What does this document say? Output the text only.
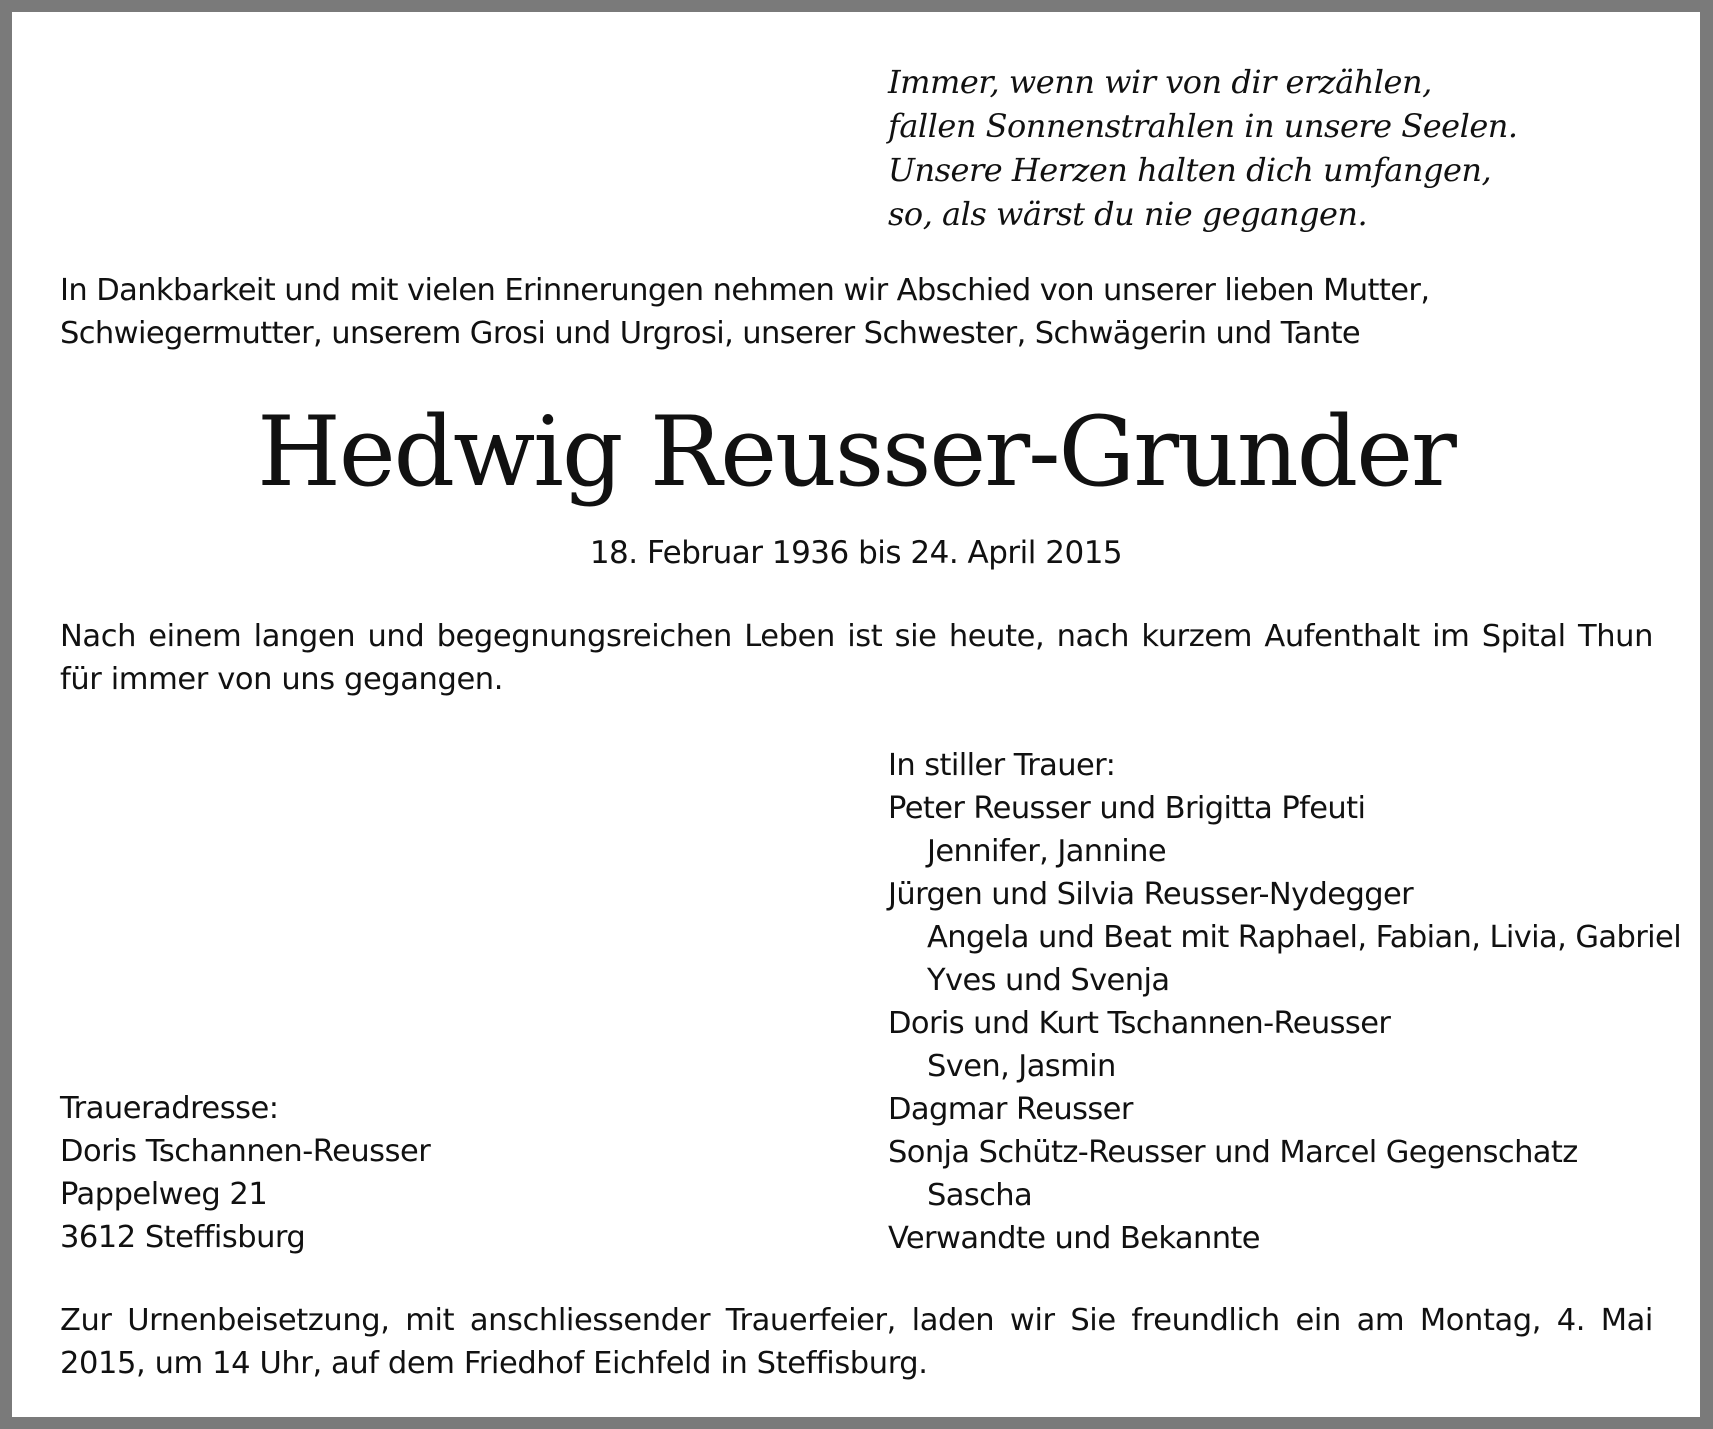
Immer, wenn wir von dir erzählen,
fallen Sonnenstrahlen in unsere Seelen.
Unsere Herzen halten dich umfangen,
so, als wärst du nie gegangen.
In Dankbarkeit und mit vielen Erinnerungen nehmen wir Abschied von unserer lieben Mutter, Schwiegermutter, unserem Grosi und Urgrosi, unserer Schwester, Schwägerin und Tante
Hedwig Reusser-Grunder
18. Februar 1936 bis 24. April 2015
Nach einem langen und begegnungsreichen Leben ist sie heute, nach kurzem Aufenthalt im Spital Thun für immer von uns gegangen.
In stiller Trauer:
Peter Reusser und Brigitta Pfeuti
Jennifer, Jannine
Jürgen und Silvia Reusser-Nydegger
Angela und Beat mit Raphael, Fabian, Livia, Gabriel
Yves und Svenja
Doris und Kurt Tschannen-Reusser
Sven, Jasmin
Dagmar Reusser
Sonja Schütz-Reusser und Marcel Gegenschatz
Sascha
Verwandte und Bekannte
Traueradresse:
Doris Tschannen-Reusser
Pappelweg 21
3612 Steffisburg
Zur Urnenbeisetzung, mit anschliessender Trauerfeier, laden wir Sie freundlich ein am Montag, 4. Mai 2015, um 14 Uhr, auf dem Friedhof Eichfeld in Steffisburg.
